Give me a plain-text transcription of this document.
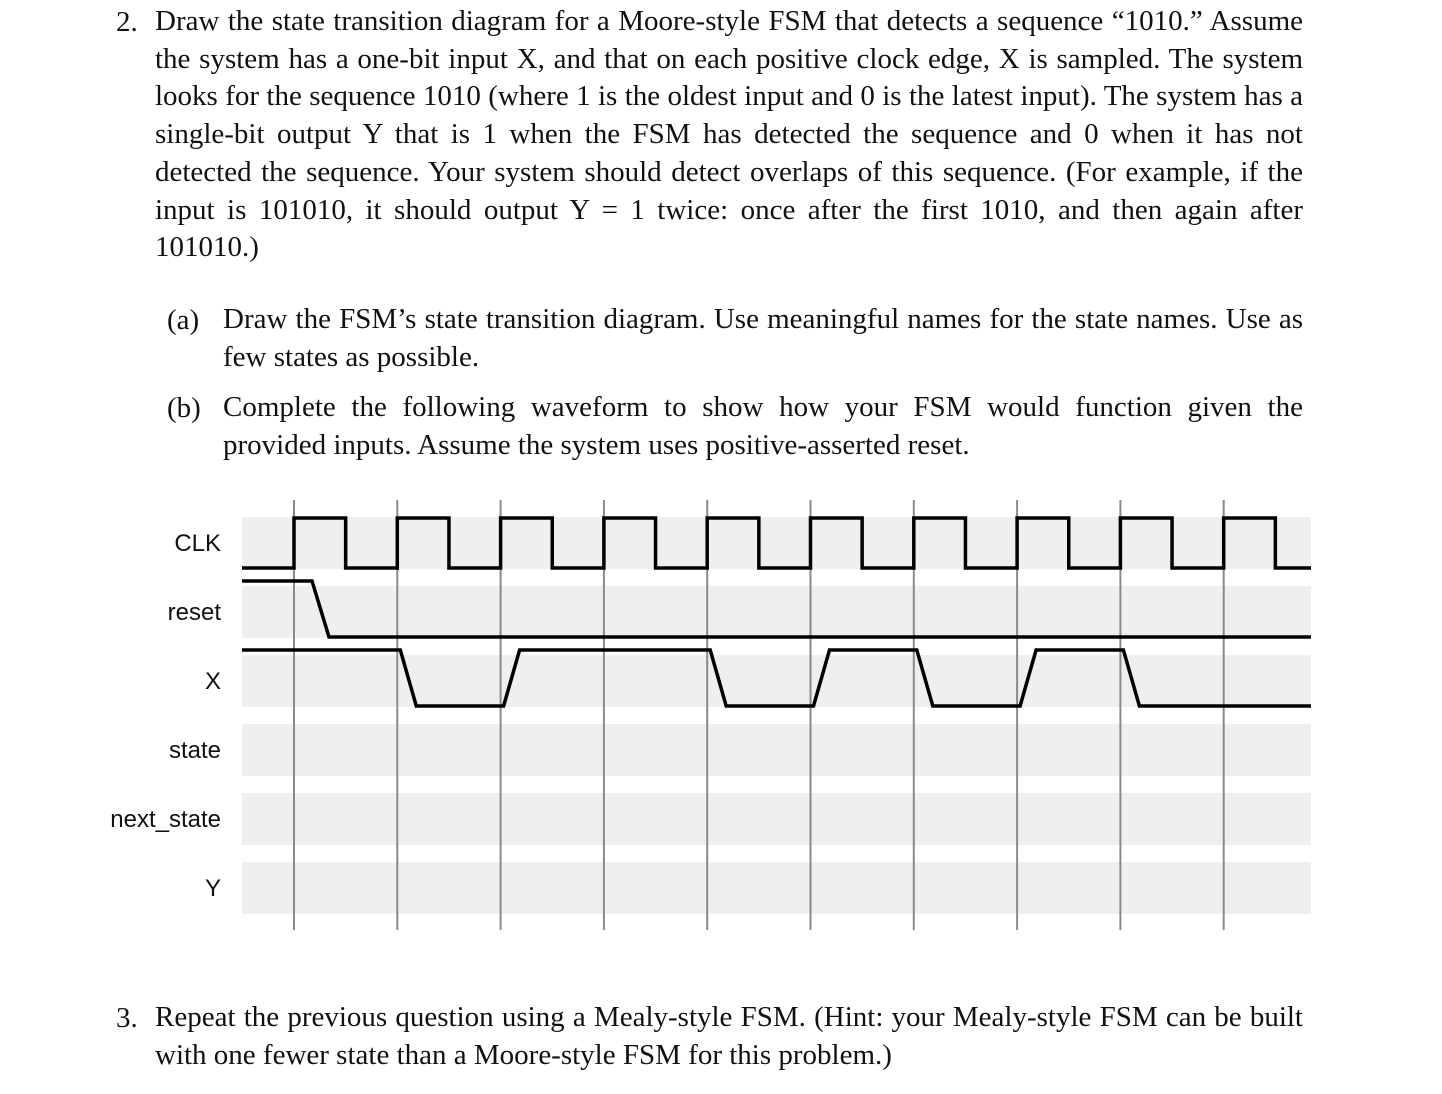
2. Draw the state transition diagram for a Moore-style FSM that detects a sequence “1010.” Assume the system has a one-bit input X, and that on each positive clock edge, X is sampled. The system looks for the sequence 1010 (where 1 is the oldest input and 0 is the latest input). The system has a single-bit output Y that is 1 when the FSM has detected the sequence and 0 when it has not detected the sequence. Your system should detect overlaps of this sequence. (For example, if the input is 101010, it should output Y = 1 twice: once after the first 1010, and then again after 101010.)

(a) Draw the FSM’s state transition diagram. Use meaningful names for the state names. Use as few states as possible.

(b) Complete the following waveform to show how your FSM would function given the provided inputs. Assume the system uses positive-asserted reset.

CLK
reset
X
state
next_state
Y
3. Repeat the previous question using a Mealy-style FSM. (Hint: your Mealy-style FSM can be built with one fewer state than a Moore-style FSM for this problem.)
